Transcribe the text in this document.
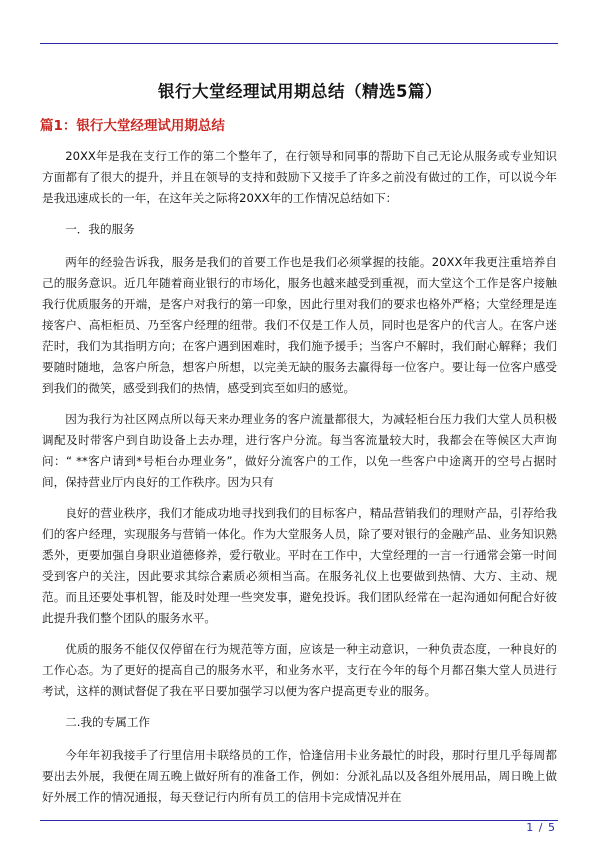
银行大堂经理试用期总结（精选5篇）
篇1：银行大堂经理试用期总结

20XX年是我在支行工作的第二个整年了，在行领导和同事的帮助下自己无论从服务或专业知识方面都有了很大的提升，并且在领导的支持和鼓励下又接手了许多之前没有做过的工作，可以说今年是我迅速成长的一年，在这年关之际将20XX年的工作情况总结如下：

一．我的服务

两年的经验告诉我，服务是我们的首要工作也是我们必须掌握的技能。20XX年我更注重培养自己的服务意识。近几年随着商业银行的市场化，服务也越来越受到重视，而大堂这个工作是客户接触我行优质服务的开端，是客户对我行的第一印象，因此行里对我们的要求也格外严格；大堂经理是连接客户、高柜柜员、乃至客户经理的纽带。我们不仅是工作人员，同时也是客户的代言人。在客户迷茫时，我们为其指明方向；在客户遇到困难时，我们施予援手；当客户不解时，我们耐心解释；我们要随时随地，急客户所急，想客户所想，以完美无缺的服务去赢得每一位客户。要让每一位客户感受到我们的微笑，感受到我们的热情，感受到宾至如归的感觉。

因为我行为社区网点所以每天来办理业务的客户流量都很大，为减轻柜台压力我们大堂人员积极调配及时带客户到自助设备上去办理，进行客户分流。每当客流量较大时，我都会在等候区大声询问：“ **客户请到*号柜台办理业务”，做好分流客户的工作，以免一些客户中途离开的空号占据时间，保持营业厅内良好的工作秩序。因为只有

良好的营业秩序，我们才能成功地寻找到我们的目标客户，精品营销我们的理财产品，引荐给我们的客户经理，实现服务与营销一体化。作为大堂服务人员，除了要对银行的金融产品、业务知识熟悉外，更要加强自身职业道德修养，爱行敬业。平时在工作中，大堂经理的一言一行通常会第一时间受到客户的关注，因此要求其综合素质必须相当高。在服务礼仪上也要做到热情、大方、主动、规范。而且还要处事机智，能及时处理一些突发事，避免投诉。我们团队经常在一起沟通如何配合好彼此提升我们整个团队的服务水平。

优质的服务不能仅仅停留在行为规范等方面，应该是一种主动意识，一种负责态度，一种良好的工作心态。为了更好的提高自己的服务水平，和业务水平，支行在今年的每个月都召集大堂人员进行考试，这样的测试督促了我在平日要加强学习以便为客户提高更专业的服务。

二.我的专属工作

今年年初我接手了行里信用卡联络员的工作，恰逢信用卡业务最忙的时段，那时行里几乎每周都要出去外展，我便在周五晚上做好所有的准备工作，例如：分派礼品以及各组外展用品，周日晚上做好外展工作的情况通报，每天登记行内所有员工的信用卡完成情况并在

1 / 5
